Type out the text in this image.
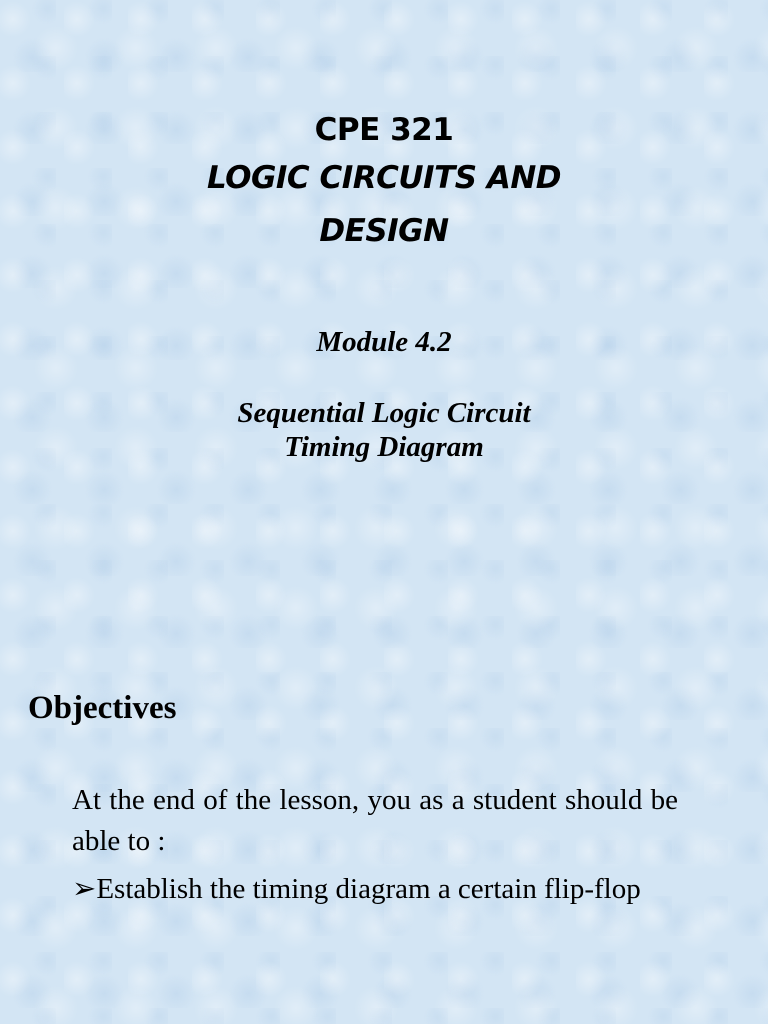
CPE 321
LOGIC CIRCUITS AND
DESIGN
Module 4.2
Sequential Logic Circuit
Timing Diagram
Objectives

At the end of the lesson, you as a student should be able to :

➢Establish the timing diagram a certain flip-flop
